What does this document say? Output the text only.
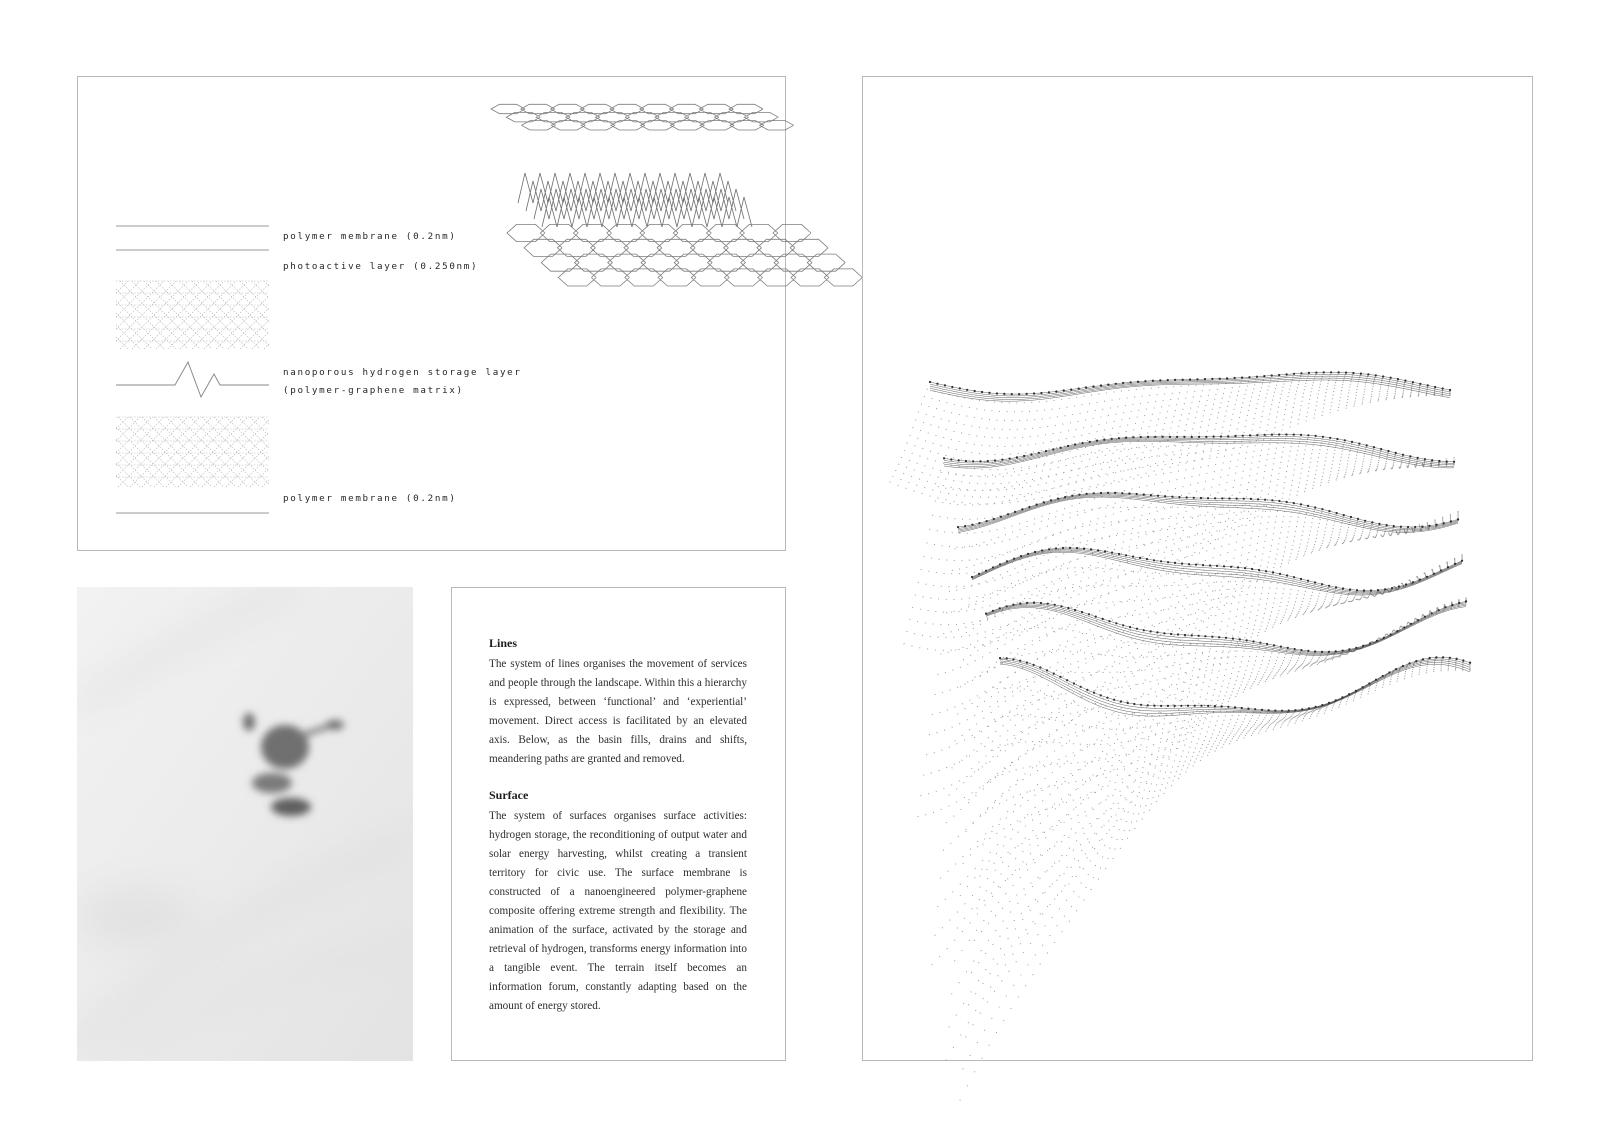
polymer membrane (0.2nm)
photoactive layer (0.250nm)
nanoporous hydrogen storage layer
(polymer-graphene matrix)
polymer membrane (0.2nm)
Lines

The system of lines organises the movement of services and people through the landscape. Within this a hierarchy is expressed, between ‘functional’ and ‘experiential’ movement. Direct access is facilitated by an elevated axis. Below, as the basin fills, drains and shifts, meandering paths are granted and removed.

Surface

The system of surfaces organises surface activities: hydrogen storage, the reconditioning of output water and solar energy harvesting, whilst creating a transient territory for civic use. The surface membrane is constructed of a nanoengineered polymer-graphene composite offering extreme strength and flexibility. The animation of the surface, activated by the storage and retrieval of hydrogen, transforms energy information into a tangible event. The terrain itself becomes an information forum, constantly adapting based on the amount of energy stored.
